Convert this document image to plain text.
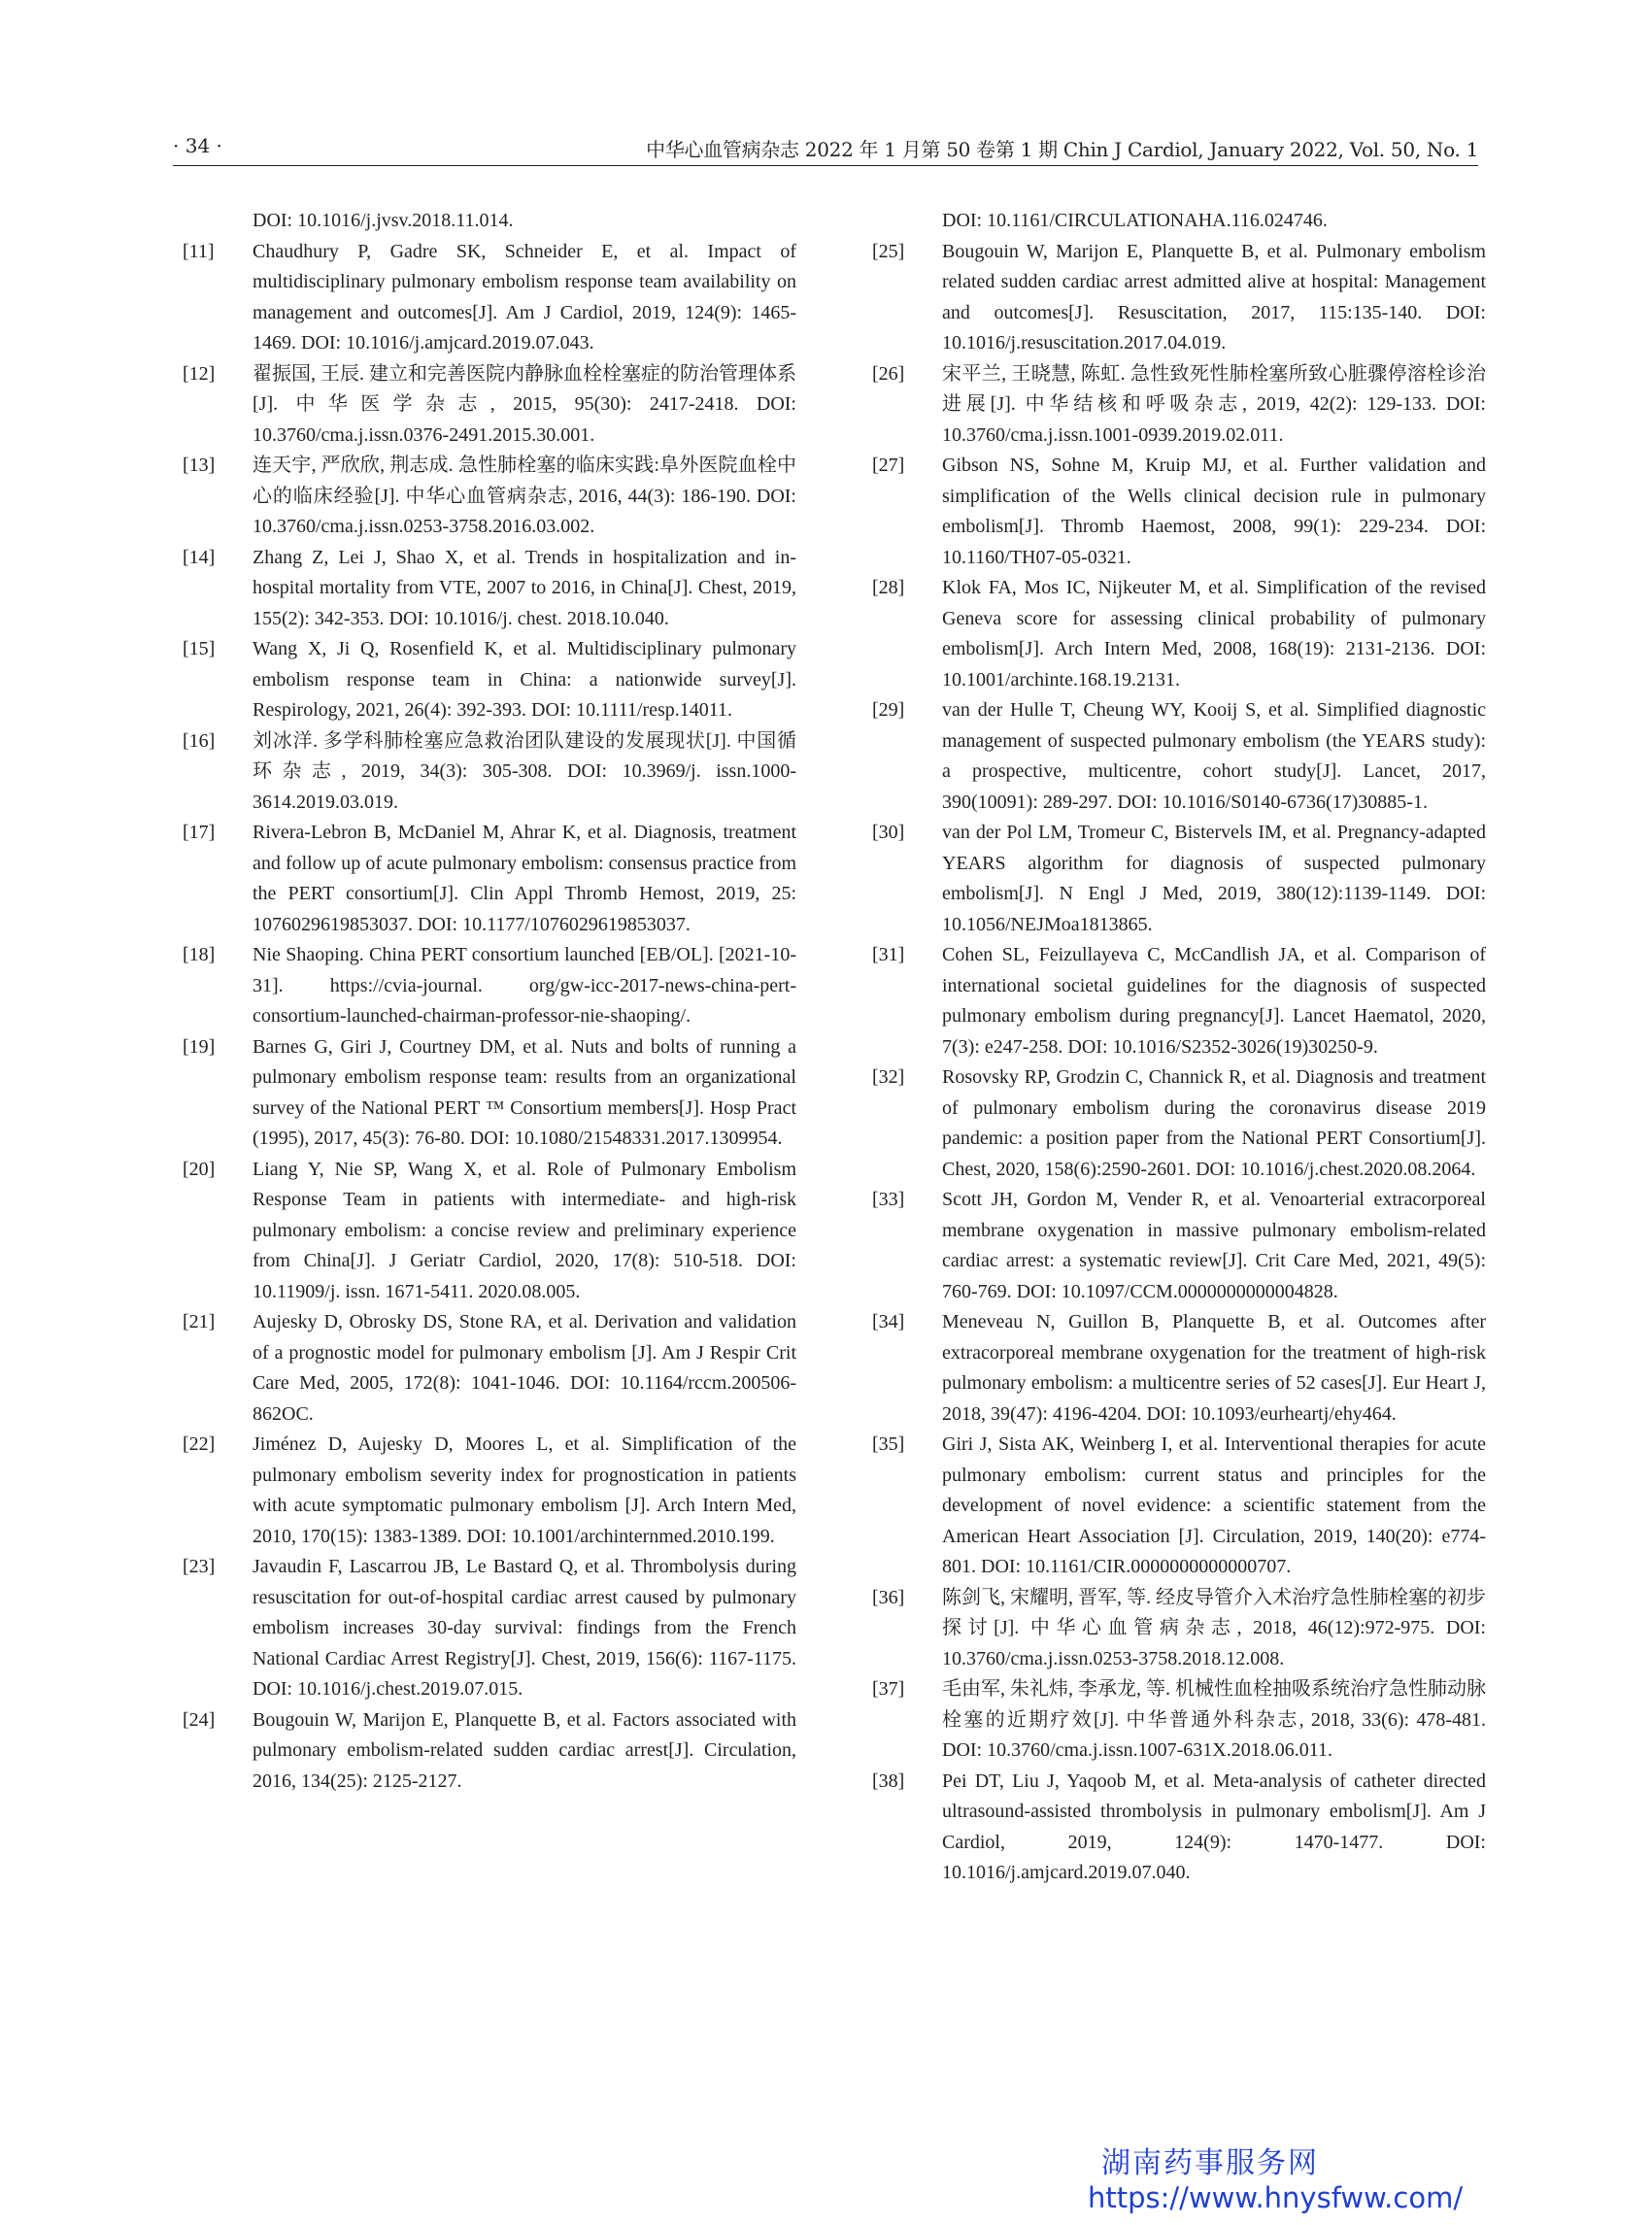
· 34 ·	中华心血管病杂志 2022 年 1 月第 50 卷第 1 期 Chin J Cardiol, January 2022, Vol. 50, No. 1
DOI: 10.1016/j.jvsv.2018.11.014.
[11] Chaudhury P, Gadre SK, Schneider E, et al. Impact of multidisciplinary pulmonary embolism response team availability on management and outcomes[J]. Am J Cardiol, 2019, 124(9): 1465-1469. DOI: 10.1016/j.amjcard.2019.07.043.
[12] 翟振国, 王辰. 建立和完善医院内静脉血栓栓塞症的防治管理体系[J]. 中华医学杂志, 2015, 95(30): 2417-2418. DOI: 10.3760/cma.j.issn.0376-2491.2015.30.001.
[13] 连天宇, 严欣欣, 荆志成. 急性肺栓塞的临床实践:阜外医院血栓中心的临床经验[J]. 中华心血管病杂志, 2016, 44(3): 186-190. DOI: 10.3760/cma.j.issn.0253-3758.2016.03.002.
[14] Zhang Z, Lei J, Shao X, et al. Trends in hospitalization and in-hospital mortality from VTE, 2007 to 2016, in China[J]. Chest, 2019, 155(2): 342-353. DOI: 10.1016/j. chest. 2018.10.040.
[15] Wang X, Ji Q, Rosenfield K, et al. Multidisciplinary pulmonary embolism response team in China: a nationwide survey[J]. Respirology, 2021, 26(4): 392-393. DOI: 10.1111/resp.14011.
[16] 刘冰洋. 多学科肺栓塞应急救治团队建设的发展现状[J]. 中国循环杂志, 2019, 34(3): 305-308. DOI: 10.3969/j. issn.1000-3614.2019.03.019.
[17] Rivera-Lebron B, McDaniel M, Ahrar K, et al. Diagnosis, treatment and follow up of acute pulmonary embolism: consensus practice from the PERT consortium[J]. Clin Appl Thromb Hemost, 2019, 25: 1076029619853037. DOI: 10.1177/1076029619853037.
[18] Nie Shaoping. China PERT consortium launched [EB/OL]. [2021-10-31]. https://cvia-journal. org/gw-icc-2017-news-china-pert-consortium-launched-chairman-professor-nie-shaoping/.
[19] Barnes G, Giri J, Courtney DM, et al. Nuts and bolts of running a pulmonary embolism response team: results from an organizational survey of the National PERT ™ Consortium members[J]. Hosp Pract (1995), 2017, 45(3): 76-80. DOI: 10.1080/21548331.2017.1309954.
[20] Liang Y, Nie SP, Wang X, et al. Role of Pulmonary Embolism Response Team in patients with intermediate- and high-risk pulmonary embolism: a concise review and preliminary experience from China[J]. J Geriatr Cardiol, 2020, 17(8): 510-518. DOI: 10.11909/j. issn. 1671-5411. 2020.08.005.
[21] Aujesky D, Obrosky DS, Stone RA, et al. Derivation and validation of a prognostic model for pulmonary embolism [J]. Am J Respir Crit Care Med, 2005, 172(8): 1041-1046. DOI: 10.1164/rccm.200506-862OC.
[22] Jiménez D, Aujesky D, Moores L, et al. Simplification of the pulmonary embolism severity index for prognostication in patients with acute symptomatic pulmonary embolism [J]. Arch Intern Med, 2010, 170(15): 1383-1389. DOI: 10.1001/archinternmed.2010.199.
[23] Javaudin F, Lascarrou JB, Le Bastard Q, et al. Thrombolysis during resuscitation for out-of-hospital cardiac arrest caused by pulmonary embolism increases 30-day survival: findings from the French National Cardiac Arrest Registry[J]. Chest, 2019, 156(6): 1167-1175. DOI: 10.1016/j.chest.2019.07.015.
[24] Bougouin W, Marijon E, Planquette B, et al. Factors associated with pulmonary embolism-related sudden cardiac arrest[J]. Circulation, 2016, 134(25): 2125-2127.
DOI: 10.1161/CIRCULATIONAHA.116.024746.
[25] Bougouin W, Marijon E, Planquette B, et al. Pulmonary embolism related sudden cardiac arrest admitted alive at hospital: Management and outcomes[J]. Resuscitation, 2017, 115:135-140. DOI: 10.1016/j.resuscitation.2017.04.019.
[26] 宋平兰, 王晓慧, 陈虹. 急性致死性肺栓塞所致心脏骤停溶栓诊治进展[J]. 中华结核和呼吸杂志, 2019, 42(2): 129-133. DOI: 10.3760/cma.j.issn.1001-0939.2019.02.011.
[27] Gibson NS, Sohne M, Kruip MJ, et al. Further validation and simplification of the Wells clinical decision rule in pulmonary embolism[J]. Thromb Haemost, 2008, 99(1): 229-234. DOI: 10.1160/TH07-05-0321.
[28] Klok FA, Mos IC, Nijkeuter M, et al. Simplification of the revised Geneva score for assessing clinical probability of pulmonary embolism[J]. Arch Intern Med, 2008, 168(19): 2131-2136. DOI: 10.1001/archinte.168.19.2131.
[29] van der Hulle T, Cheung WY, Kooij S, et al. Simplified diagnostic management of suspected pulmonary embolism (the YEARS study): a prospective, multicentre, cohort study[J]. Lancet, 2017, 390(10091): 289-297. DOI: 10.1016/S0140-6736(17)30885-1.
[30] van der Pol LM, Tromeur C, Bistervels IM, et al. Pregnancy-adapted YEARS algorithm for diagnosis of suspected pulmonary embolism[J]. N Engl J Med, 2019, 380(12):1139-1149. DOI: 10.1056/NEJMoa1813865.
[31] Cohen SL, Feizullayeva C, McCandlish JA, et al. Comparison of international societal guidelines for the diagnosis of suspected pulmonary embolism during pregnancy[J]. Lancet Haematol, 2020, 7(3): e247-258. DOI: 10.1016/S2352-3026(19)30250-9.
[32] Rosovsky RP, Grodzin C, Channick R, et al. Diagnosis and treatment of pulmonary embolism during the coronavirus disease 2019 pandemic: a position paper from the National PERT Consortium[J]. Chest, 2020, 158(6):2590-2601. DOI: 10.1016/j.chest.2020.08.2064.
[33] Scott JH, Gordon M, Vender R, et al. Venoarterial extracorporeal membrane oxygenation in massive pulmonary embolism-related cardiac arrest: a systematic review[J]. Crit Care Med, 2021, 49(5): 760-769. DOI: 10.1097/CCM.0000000000004828.
[34] Meneveau N, Guillon B, Planquette B, et al. Outcomes after extracorporeal membrane oxygenation for the treatment of high-risk pulmonary embolism: a multicentre series of 52 cases[J]. Eur Heart J, 2018, 39(47): 4196-4204. DOI: 10.1093/eurheartj/ehy464.
[35] Giri J, Sista AK, Weinberg I, et al. Interventional therapies for acute pulmonary embolism: current status and principles for the development of novel evidence: a scientific statement from the American Heart Association [J]. Circulation, 2019, 140(20): e774-801. DOI: 10.1161/CIR.0000000000000707.
[36] 陈剑飞, 宋耀明, 晋军, 等. 经皮导管介入术治疗急性肺栓塞的初步探讨[J]. 中华心血管病杂志, 2018, 46(12):972-975. DOI: 10.3760/cma.j.issn.0253-3758.2018.12.008.
[37] 毛由军, 朱礼炜, 李承龙, 等. 机械性血栓抽吸系统治疗急性肺动脉栓塞的近期疗效[J]. 中华普通外科杂志, 2018, 33(6): 478-481. DOI: 10.3760/cma.j.issn.1007-631X.2018.06.011.
[38] Pei DT, Liu J, Yaqoob M, et al. Meta-analysis of catheter directed ultrasound-assisted thrombolysis in pulmonary embolism[J]. Am J Cardiol, 2019, 124(9): 1470-1477. DOI: 10.1016/j.amjcard.2019.07.040.
湖南药事服务网
https://www.hnysfww.com/
